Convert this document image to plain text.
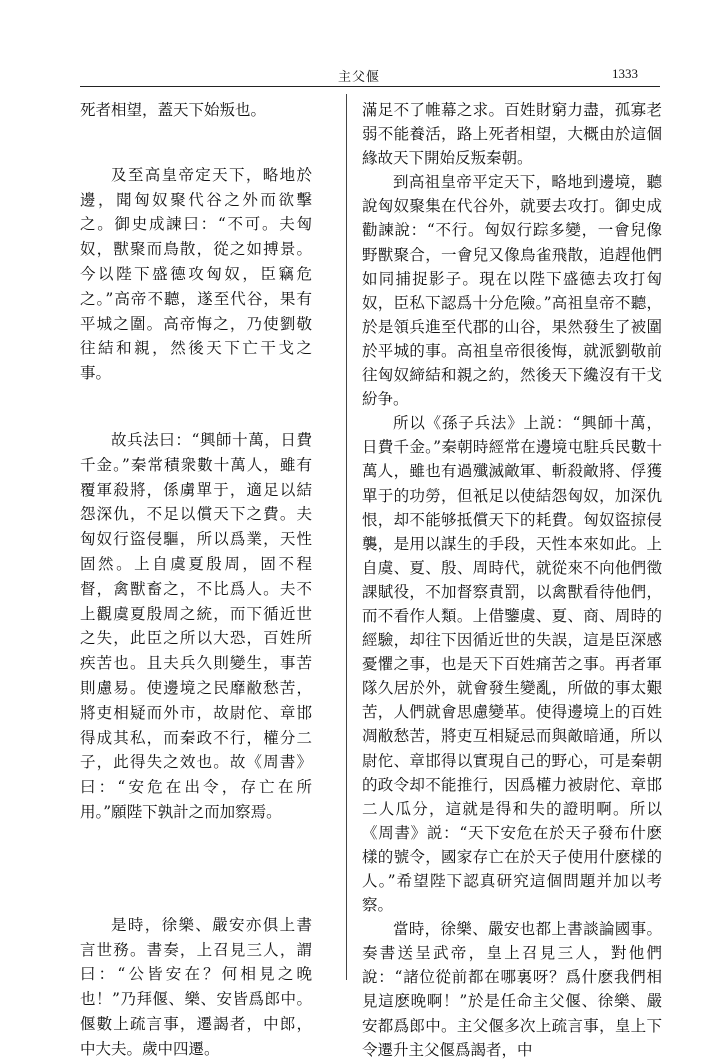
主父偃	1333

死者相望，蓋天下始叛也。

及至高皇帝定天下，略地於邊，聞匈奴聚代谷之外而欲擊之。御史成諫曰：“不可。夫匈奴，獸聚而鳥散，從之如搏景。今以陛下盛德攻匈奴，臣竊危之。”高帝不聽，遂至代谷，果有平城之圍。高帝悔之，乃使劉敬往結和親，然後天下亡干戈之事。

故兵法曰：“興師十萬，日費千金。”秦常積衆數十萬人，雖有覆軍殺將，係虜單于，適足以結怨深仇，不足以償天下之費。夫匈奴行盜侵驅，所以爲業，天性固然。上自虞夏殷周，固不程督，禽獸畜之，不比爲人。夫不上觀虞夏殷周之統，而下循近世之失，此臣之所以大恐，百姓所疾苦也。且夫兵久則變生，事苦則慮易。使邊境之民靡敝愁苦，將吏相疑而外市，故尉佗、章邯得成其私，而秦政不行，權分二子，此得失之效也。故《周書》曰：“安危在出令，存亡在所用。”願陛下孰計之而加察焉。

是時，徐樂、嚴安亦俱上書言世務。書奏，上召見三人，謂曰：“公皆安在？何相見之晚也！”乃拜偃、樂、安皆爲郎中。偃數上疏言事，遷謁者，中郎，中大夫。歲中四遷。

滿足不了帷幕之求。百姓財窮力盡，孤寡老弱不能養活，路上死者相望，大概由於這個緣故天下開始反叛秦朝。

到高祖皇帝平定天下，略地到邊境，聽說匈奴聚集在代谷外，就要去攻打。御史成勸諫說：“不行。匈奴行踪多變，一會兒像野獸聚合，一會兒又像鳥雀飛散，追趕他們如同捕捉影子。現在以陛下盛德去攻打匈奴，臣私下認爲十分危險。”高祖皇帝不聽，於是領兵進至代郡的山谷，果然發生了被圍於平城的事。高祖皇帝很後悔，就派劉敬前往匈奴締結和親之約，然後天下纔沒有干戈紛争。

所以《孫子兵法》上説：“興師十萬，日費千金。”秦朝時經常在邊境屯駐兵民數十萬人，雖也有過殲滅敵軍、斬殺敵將、俘獲單于的功勞，但衹足以使結怨匈奴，加深仇恨，却不能够抵償天下的耗費。匈奴盜掠侵襲，是用以謀生的手段，天性本來如此。上自虞、夏、殷、周時代，就從來不向他們徵課賦役，不加督察責罰，以禽獸看待他們，而不看作人類。上借鑒虞、夏、商、周時的經驗，却往下因循近世的失誤，這是臣深感憂懼之事，也是天下百姓痛苦之事。再者軍隊久居於外，就會發生變亂，所做的事太艱苦，人們就會思慮變革。使得邊境上的百姓凋敝愁苦，將吏互相疑忌而與敵暗通，所以尉佗、章邯得以實現自己的野心，可是秦朝的政令却不能推行，因爲權力被尉佗、章邯二人瓜分，這就是得和失的證明啊。所以《周書》説：“天下安危在於天子發布什麽樣的號令，國家存亡在於天子使用什麽樣的人。”希望陛下認真研究這個問題并加以考察。

當時，徐樂、嚴安也都上書談論國事。奏書送呈武帝，皇上召見三人，對他們說：“諸位從前都在哪裏呀？爲什麽我們相見這麽晚啊！”於是任命主父偃、徐樂、嚴安都爲郎中。主父偃多次上疏言事，皇上下令遷升主父偃爲謁者，中
